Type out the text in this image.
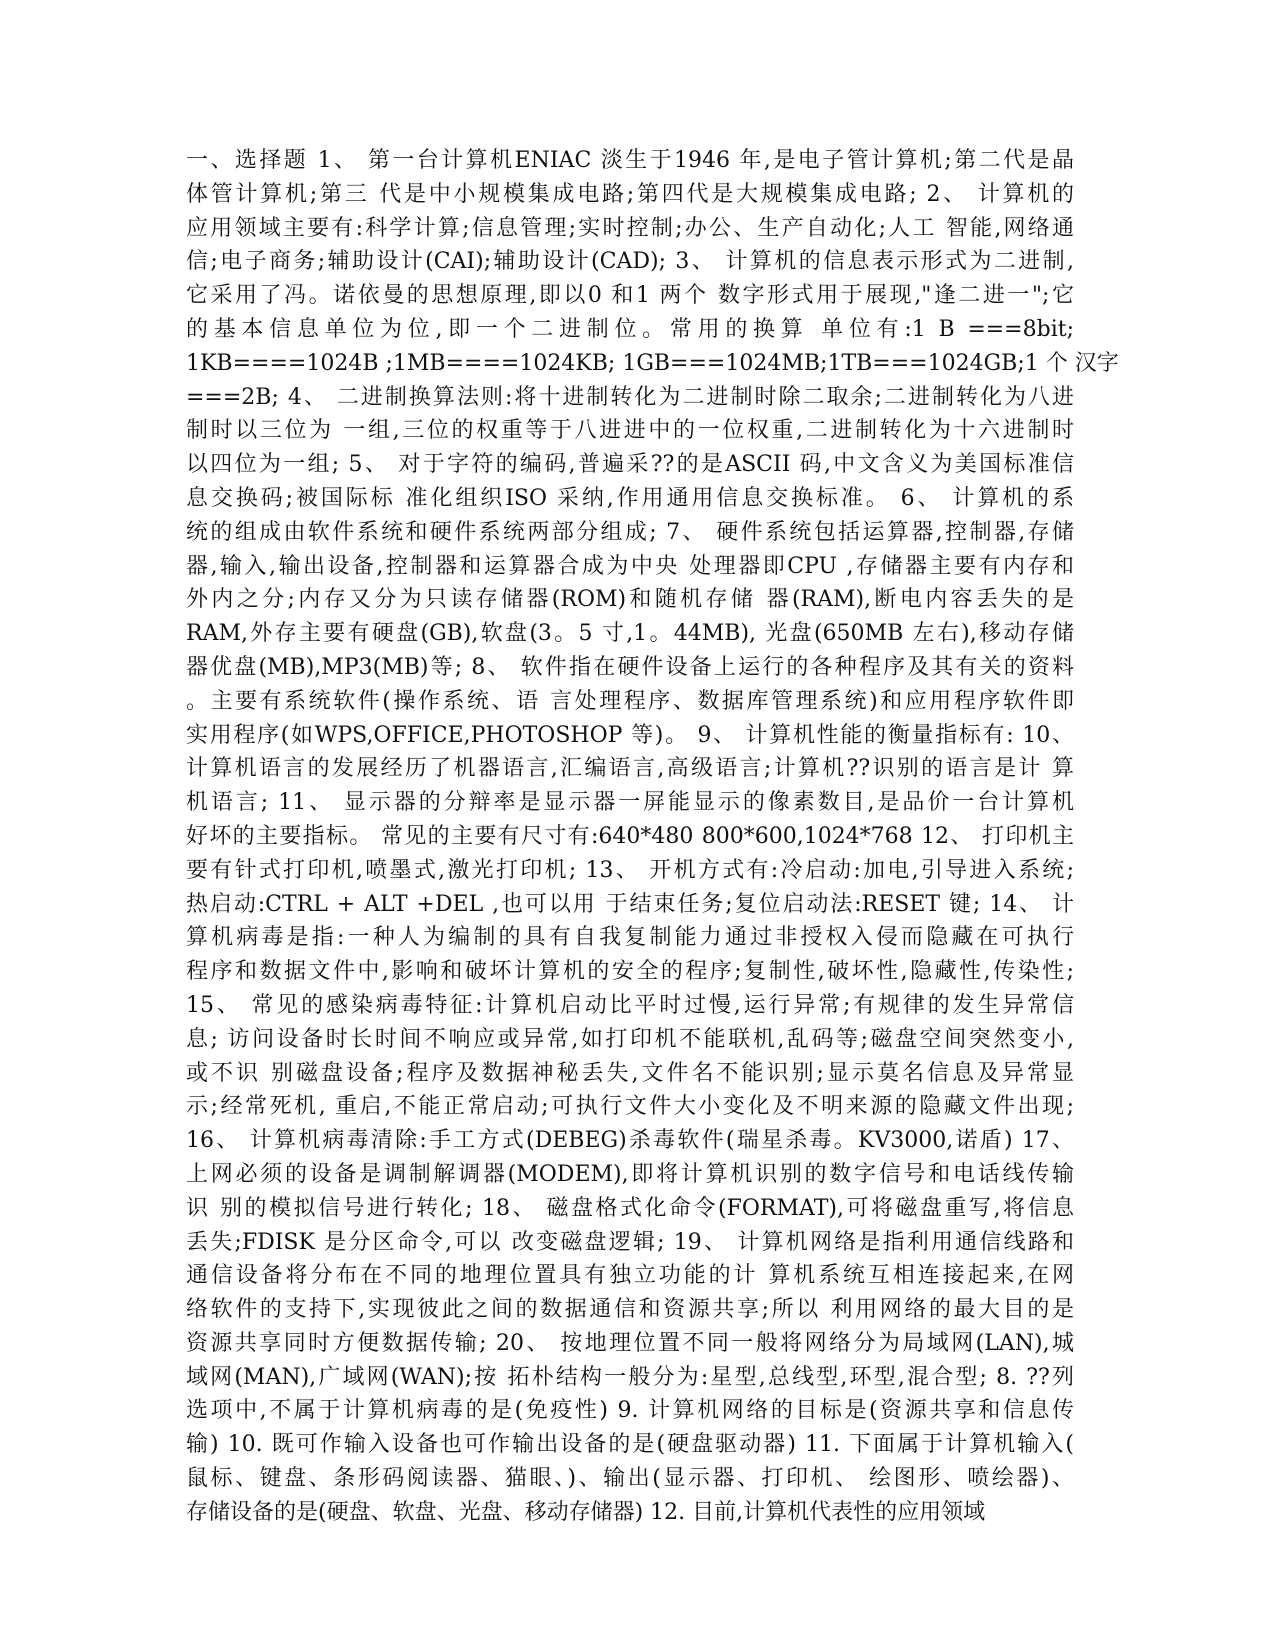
一、选择题 1、 第一台计算机ENIAC 淡生于1946 年,是电子管计算机;第二代是晶
体管计算机;第三 代是中小规模集成电路;第四代是大规模集成电路; 2、 计算机的
应用领域主要有:科学计算;信息管理;实时控制;办公、生产自动化;人工 智能,网络通
信;电子商务;辅助设计(CAI);辅助设计(CAD); 3、 计算机的信息表示形式为二进制,
它采用了冯。诺依曼的思想原理,即以0 和1 两个 数字形式用于展现,"逢二进一";它
的基本信息单位为位,即一个二进制位。常用的换算 单位有:1 B ===8bit;
1KB====1024B ;1MB====1024KB; 1GB===1024MB;1TB===1024GB;1 个 汉字
===2B; 4、 二进制换算法则:将十进制转化为二进制时除二取余;二进制转化为八进
制时以三位为 一组,三位的权重等于八进进中的一位权重,二进制转化为十六进制时
以四位为一组; 5、 对于字符的编码,普遍采??的是ASCII 码,中文含义为美国标准信
息交换码;被国际标 准化组织ISO 采纳,作用通用信息交换标准。 6、 计算机的系
统的组成由软件系统和硬件系统两部分组成; 7、 硬件系统包括运算器,控制器,存储
器,输入,输出设备,控制器和运算器合成为中央 处理器即CPU ,存储器主要有内存和
外内之分;内存又分为只读存储器(ROM)和随机存储 器(RAM),断电内容丢失的是
RAM,外存主要有硬盘(GB),软盘(3。5 寸,1。44MB), 光盘(650MB 左右),移动存储
器优盘(MB),MP3(MB)等; 8、 软件指在硬件设备上运行的各种程序及其有关的资料
。主要有系统软件(操作系统、语 言处理程序、数据库管理系统)和应用程序软件即
实用程序(如WPS,OFFICE,PHOTOSHOP 等)。 9、 计算机性能的衡量指标有: 10、
计算机语言的发展经历了机器语言,汇编语言,高级语言;计算机??识别的语言是计 算
机语言; 11、 显示器的分辩率是显示器一屏能显示的像素数目,是品价一台计算机
好坏的主要指标。 常见的主要有尺寸有:640*480 800*600,1024*768 12、 打印机主
要有针式打印机,喷墨式,激光打印机; 13、 开机方式有:冷启动:加电,引导进入系统;
热启动:CTRL + ALT +DEL ,也可以用 于结束任务;复位启动法:RESET 键; 14、 计
算机病毒是指:一种人为编制的具有自我复制能力通过非授权入侵而隐藏在可执行
程序和数据文件中,影响和破坏计算机的安全的程序;复制性,破坏性,隐藏性,传染性;
15、 常见的感染病毒特征:计算机启动比平时过慢,运行异常;有规律的发生异常信
息; 访问设备时长时间不响应或异常,如打印机不能联机,乱码等;磁盘空间突然变小,
或不识 别磁盘设备;程序及数据神秘丢失,文件名不能识别;显示莫名信息及异常显
示;经常死机, 重启,不能正常启动;可执行文件大小变化及不明来源的隐藏文件出现;
16、 计算机病毒清除:手工方式(DEBEG)杀毒软件(瑞星杀毒。KV3000,诺盾) 17、
上网必须的设备是调制解调器(MODEM),即将计算机识别的数字信号和电话线传输
识 别的模拟信号进行转化; 18、 磁盘格式化命令(FORMAT),可将磁盘重写,将信息
丢失;FDISK 是分区命令,可以 改变磁盘逻辑; 19、 计算机网络是指利用通信线路和
通信设备将分布在不同的地理位置具有独立功能的计 算机系统互相连接起来,在网
络软件的支持下,实现彼此之间的数据通信和资源共享;所以 利用网络的最大目的是
资源共享同时方便数据传输; 20、 按地理位置不同一般将网络分为局域网(LAN),城
域网(MAN),广域网(WAN);按 拓朴结构一般分为:星型,总线型,环型,混合型; 8. ??列
选项中,不属于计算机病毒的是(免疫性) 9. 计算机网络的目标是(资源共享和信息传
输) 10. 既可作输入设备也可作输出设备的是(硬盘驱动器) 11. 下面属于计算机输入(
鼠标、键盘、条形码阅读器、猫眼、)、输出(显示器、打印机、 绘图形、喷绘器)、
存储设备的是(硬盘、软盘、光盘、移动存储器) 12. 目前,计算机代表性的应用领域
